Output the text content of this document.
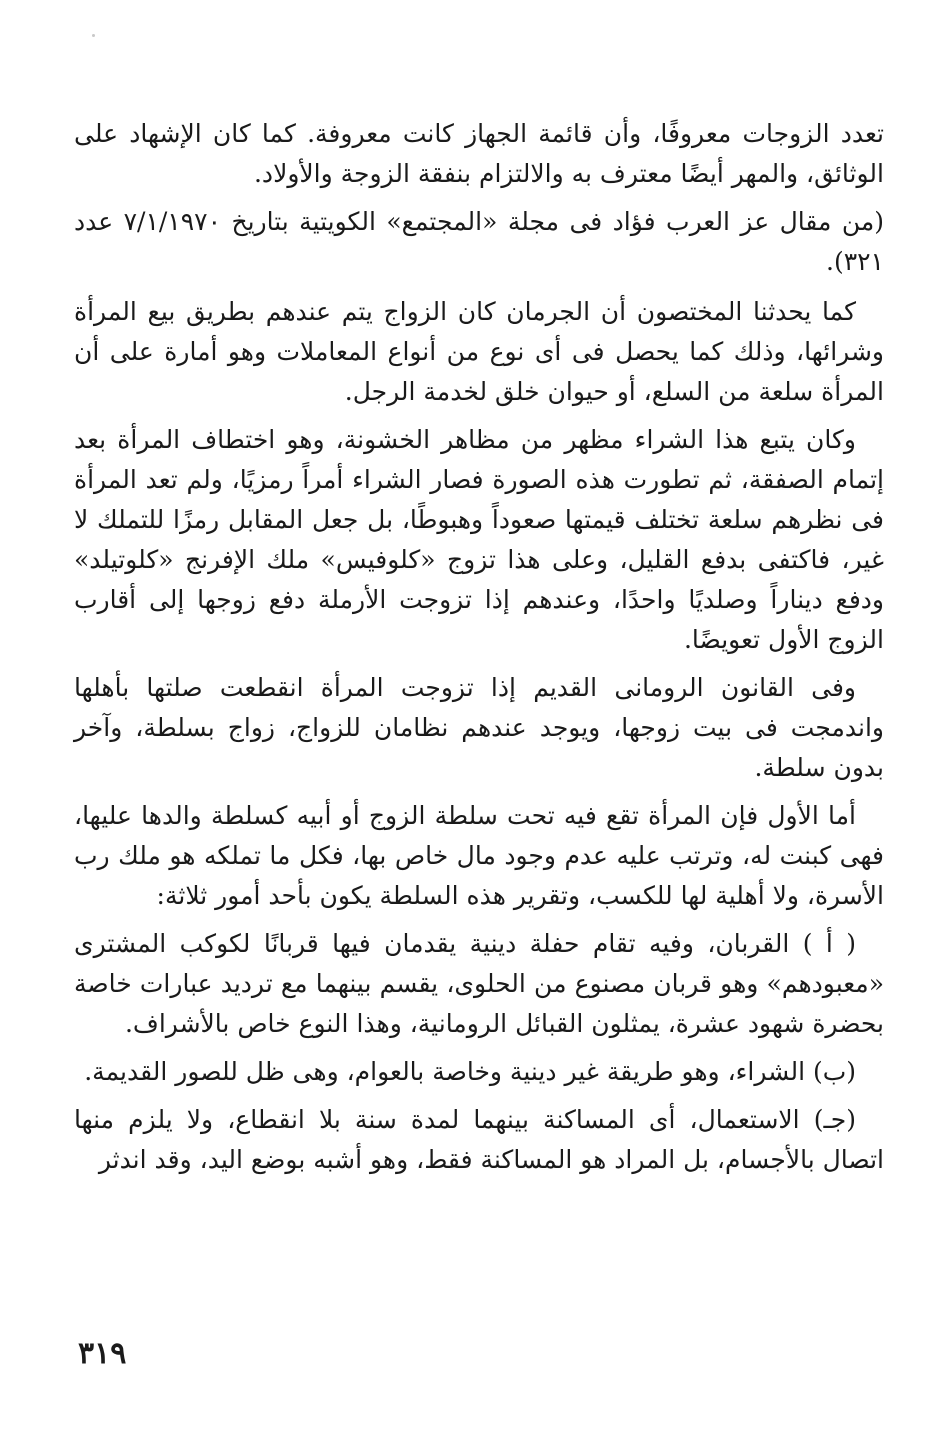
تعدد الزوجات معروفًا، وأن قائمة الجهاز كانت معروفة. كما كان الإشهاد على الوثائق، والمهر أيضًا معترف به والالتزام بنفقة الزوجة والأولاد.

(من مقال عز العرب فؤاد فى مجلة «المجتمع» الكويتية بتاريخ ٧/١/١٩٧٠ عدد ٣٢١).

كما يحدثنا المختصون أن الجرمان كان الزواج يتم عندهم بطريق بيع المرأة وشرائها، وذلك كما يحصل فى أى نوع من أنواع المعاملات وهو أمارة على أن المرأة سلعة من السلع، أو حيوان خلق لخدمة الرجل.

وكان يتبع هذا الشراء مظهر من مظاهر الخشونة، وهو اختطاف المرأة بعد إتمام الصفقة، ثم تطورت هذه الصورة فصار الشراء أمراً رمزيًا، ولم تعد المرأة فى نظرهم سلعة تختلف قيمتها صعوداً وهبوطًا، بل جعل المقابل رمزًا للتملك لا غير، فاكتفى بدفع القليل، وعلى هذا تزوج «كلوفيس» ملك الإفرنج «كلوتيلد» ودفع ديناراً وصلديًا واحدًا، وعندهم إذا تزوجت الأرملة دفع زوجها إلى أقارب الزوج الأول تعويضًا.

وفى القانون الرومانى القديم إذا تزوجت المرأة انقطعت صلتها بأهلها واندمجت فى بيت زوجها، ويوجد عندهم نظامان للزواج، زواج بسلطة، وآخر بدون سلطة.

أما الأول فإن المرأة تقع فيه تحت سلطة الزوج أو أبيه كسلطة والدها عليها، فهى كبنت له، وترتب عليه عدم وجود مال خاص بها، فكل ما تملكه هو ملك رب الأسرة، ولا أهلية لها للكسب، وتقرير هذه السلطة يكون بأحد أمور ثلاثة:

( أ ) القربان، وفيه تقام حفلة دينية يقدمان فيها قربانًا لكوكب المشترى «معبودهم» وهو قربان مصنوع من الحلوى، يقسم بينهما مع ترديد عبارات خاصة بحضرة شهود عشرة، يمثلون القبائل الرومانية، وهذا النوع خاص بالأشراف.

(ب) الشراء، وهو طريقة غير دينية وخاصة بالعوام، وهى ظل للصور القديمة.

(جـ) الاستعمال، أى المساكنة بينهما لمدة سنة بلا انقطاع، ولا يلزم منها اتصال بالأجسام، بل المراد هو المساكنة فقط، وهو أشبه بوضع اليد، وقد اندثر

٣١٩
